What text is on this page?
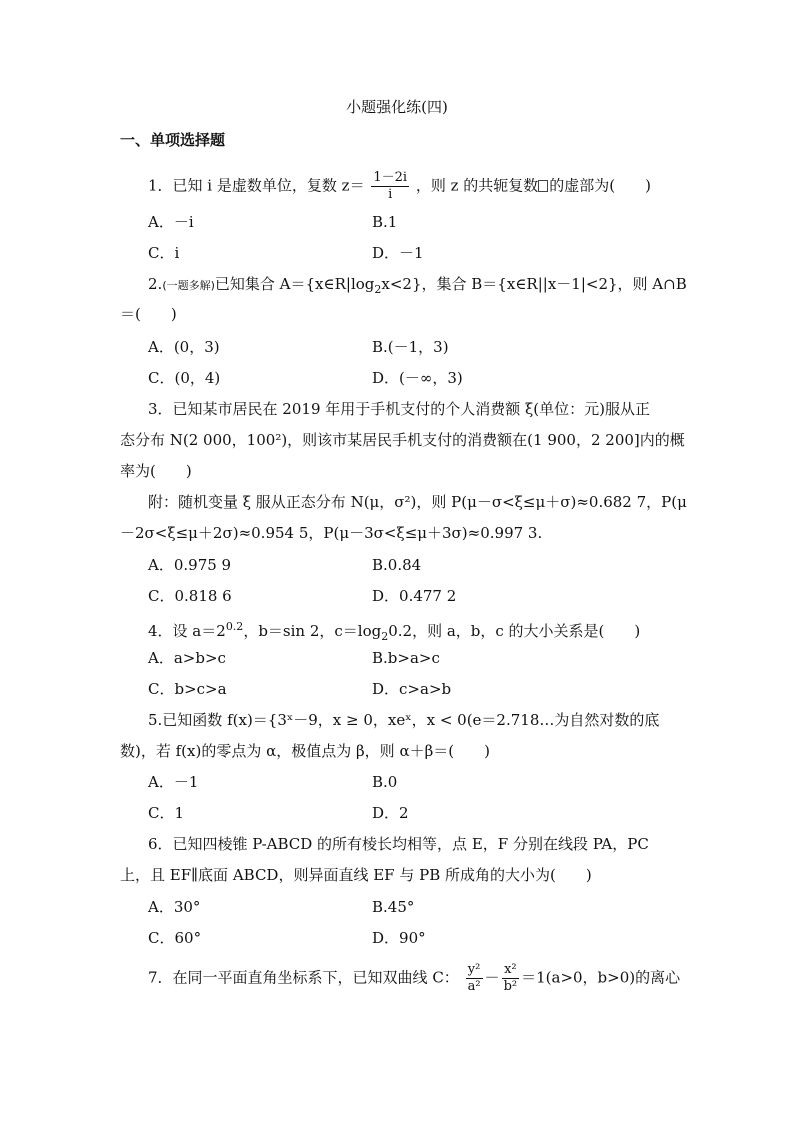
小题强化练(四)
一、单项选择题
1．已知 i 是虚数单位，复数 $z= \frac{1-2i}{i}$ ，则 z 的共轭复数 的虚部为(　　)
A．－i	B.1
C．i	D．－1
2.(一题多解)已知集合 $A=\{x\in R|\log_2x<2\}$，集合 B＝{x∈R||x－1|<2}，则 A∩B
＝(　　)
A．(0，3)	B.(－1，3)
C．(0，4)	D．(－∞，3)
3．已知某市居民在 2019 年用于手机支付的个人消费额 ξ(单位：元)服从正
态分布 N(2 000，100²)，则该市某居民手机支付的消费额在(1 900，2 200]内的概
率为(　　)
附：随机变量 ξ 服从正态分布 N(μ，σ²)，则 P(μ－σ<ξ≤μ＋σ)≈0.682 7，P(μ
－2σ<ξ≤μ＋2σ)≈0.954 5，P(μ－3σ<ξ≤μ＋3σ)≈0.997 3.
A．0.975 9	B.0.84
C．0.818 6	D．0.477 2
4．设 $a=2^{0.2}$，b＝sin 2，$c=\log_20.2$，则 a，b，c 的大小关系是(　　)
A．a>b>c	B.b>a>c
C．b>c>a	D．c>a>b
5.已知函数 f(x)＝{3ˣ－9，x ≥ 0，xeˣ，x < 0(e＝2.718…为自然对数的底
数)，若 f(x)的零点为 α，极值点为 β，则 α＋β＝(　　)
A．－1	B.0
C．1	D．2
6．已知四棱锥 P-ABCD 的所有棱长均相等，点 E，F 分别在线段 PA，PC
上，且 EF∥底面 ABCD，则异面直线 EF 与 PB 所成角的大小为(　　)
A．30°	B.45°
C．60°	D．90°
7．在同一平面直角坐标系下，已知双曲线 C： $\frac{\text{y²}}{\text{a²}} - \frac{\text{x²}}{\text{b²}} =1(a>0$，b>0)的离心
